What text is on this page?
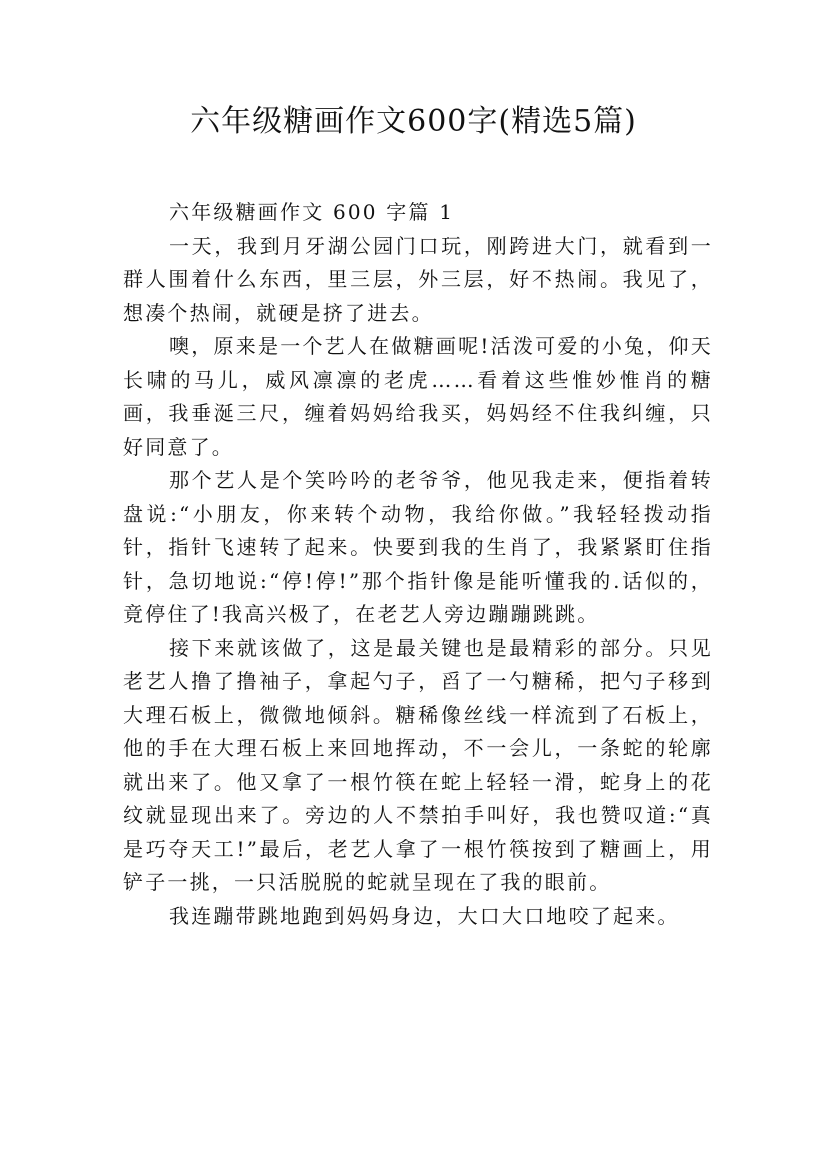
六年级糖画作文600字(精选5篇)

六年级糖画作文 600 字篇 1

一天，我到月牙湖公园门口玩，刚跨进大门，就看到一群人围着什么东西，里三层，外三层，好不热闹。我见了，想凑个热闹，就硬是挤了进去。

噢，原来是一个艺人在做糖画呢!活泼可爱的小兔，仰天长啸的马儿，威风凛凛的老虎……看着这些惟妙惟肖的糖画，我垂涎三尺，缠着妈妈给我买，妈妈经不住我纠缠，只好同意了。

那个艺人是个笑吟吟的老爷爷，他见我走来，便指着转盘说:“小朋友，你来转个动物，我给你做。”我轻轻拨动指针，指针飞速转了起来。快要到我的生肖了，我紧紧盯住指针，急切地说:“停!停!”那个指针像是能听懂我的.话似的，竟停住了!我高兴极了，在老艺人旁边蹦蹦跳跳。

接下来就该做了，这是最关键也是最精彩的部分。只见老艺人撸了撸袖子，拿起勺子，舀了一勺糖稀，把勺子移到大理石板上，微微地倾斜。糖稀像丝线一样流到了石板上，他的手在大理石板上来回地挥动，不一会儿，一条蛇的轮廓就出来了。他又拿了一根竹筷在蛇上轻轻一滑，蛇身上的花纹就显现出来了。旁边的人不禁拍手叫好，我也赞叹道:“真是巧夺天工!”最后，老艺人拿了一根竹筷按到了糖画上，用铲子一挑，一只活脱脱的蛇就呈现在了我的眼前。

我连蹦带跳地跑到妈妈身边，大口大口地咬了起来。
